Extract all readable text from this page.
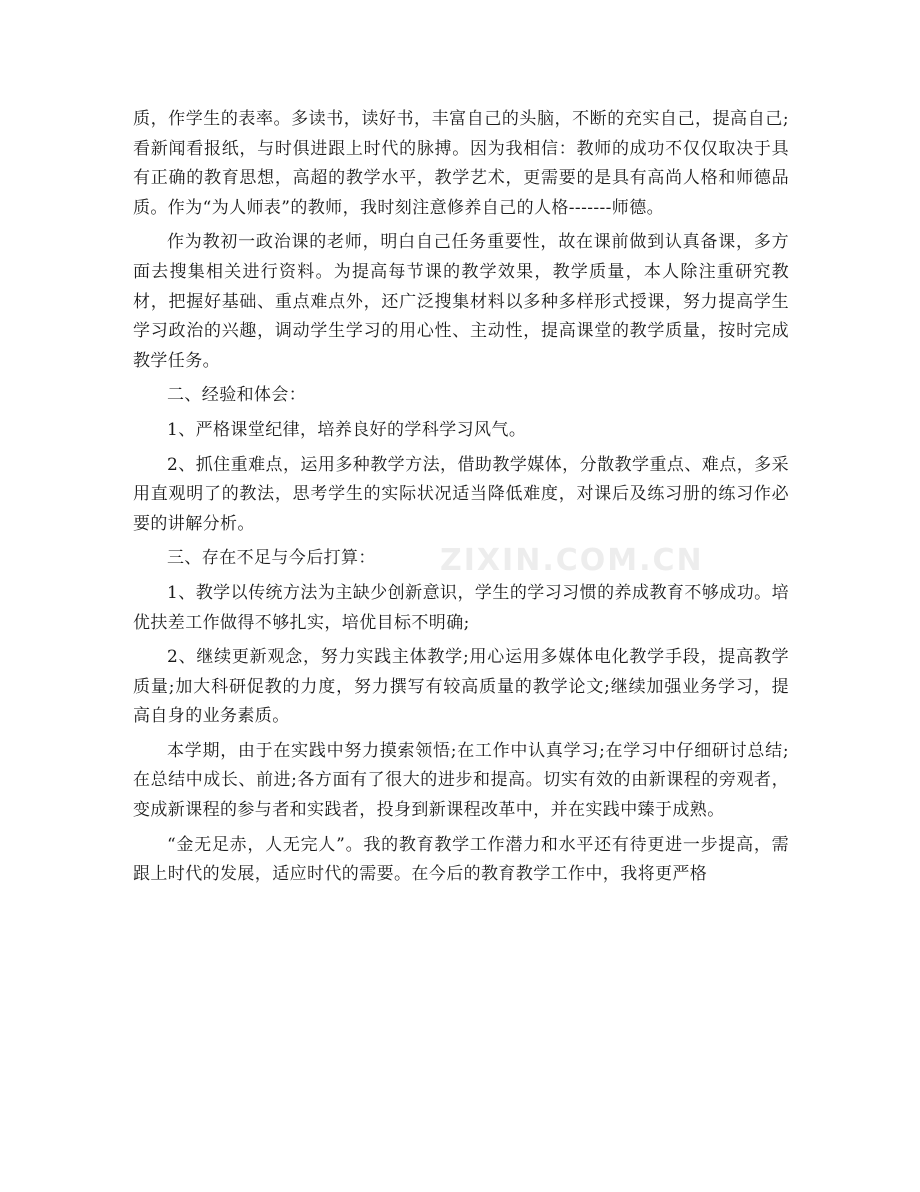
质，作学生的表率。多读书，读好书，丰富自己的头脑，不断的充实自己，提高自己;看新闻看报纸，与时俱进跟上时代的脉搏。因为我相信：教师的成功不仅仅取决于具有正确的教育思想，高超的教学水平，教学艺术，更需要的是具有高尚人格和师德品质。作为“为人师表”的教师，我时刻注意修养自己的人格-------师德。

作为教初一政治课的老师，明白自己任务重要性，故在课前做到认真备课，多方面去搜集相关进行资料。为提高每节课的教学效果，教学质量，本人除注重研究教材，把握好基础、重点难点外，还广泛搜集材料以多种多样形式授课，努力提高学生学习政治的兴趣，调动学生学习的用心性、主动性，提高课堂的教学质量，按时完成教学任务。

二、经验和体会：

1、严格课堂纪律，培养良好的学科学习风气。

2、抓住重难点，运用多种教学方法，借助教学媒体，分散教学重点、难点，多采用直观明了的教法，思考学生的实际状况适当降低难度，对课后及练习册的练习作必要的讲解分析。

三、存在不足与今后打算：

1、教学以传统方法为主缺少创新意识，学生的学习习惯的养成教育不够成功。培优扶差工作做得不够扎实，培优目标不明确;

2、继续更新观念，努力实践主体教学;用心运用多媒体电化教学手段，提高教学质量;加大科研促教的力度，努力撰写有较高质量的教学论文;继续加强业务学习，提高自身的业务素质。

本学期，由于在实践中努力摸索领悟;在工作中认真学习;在学习中仔细研讨总结;在总结中成长、前进;各方面有了很大的进步和提高。切实有效的由新课程的旁观者，变成新课程的参与者和实践者，投身到新课程改革中，并在实践中臻于成熟。

“金无足赤，人无完人”。我的教育教学工作潜力和水平还有待更进一步提高，需跟上时代的发展，适应时代的需要。在今后的教育教学工作中，我将更严格

ZIXIN.COM.CN
